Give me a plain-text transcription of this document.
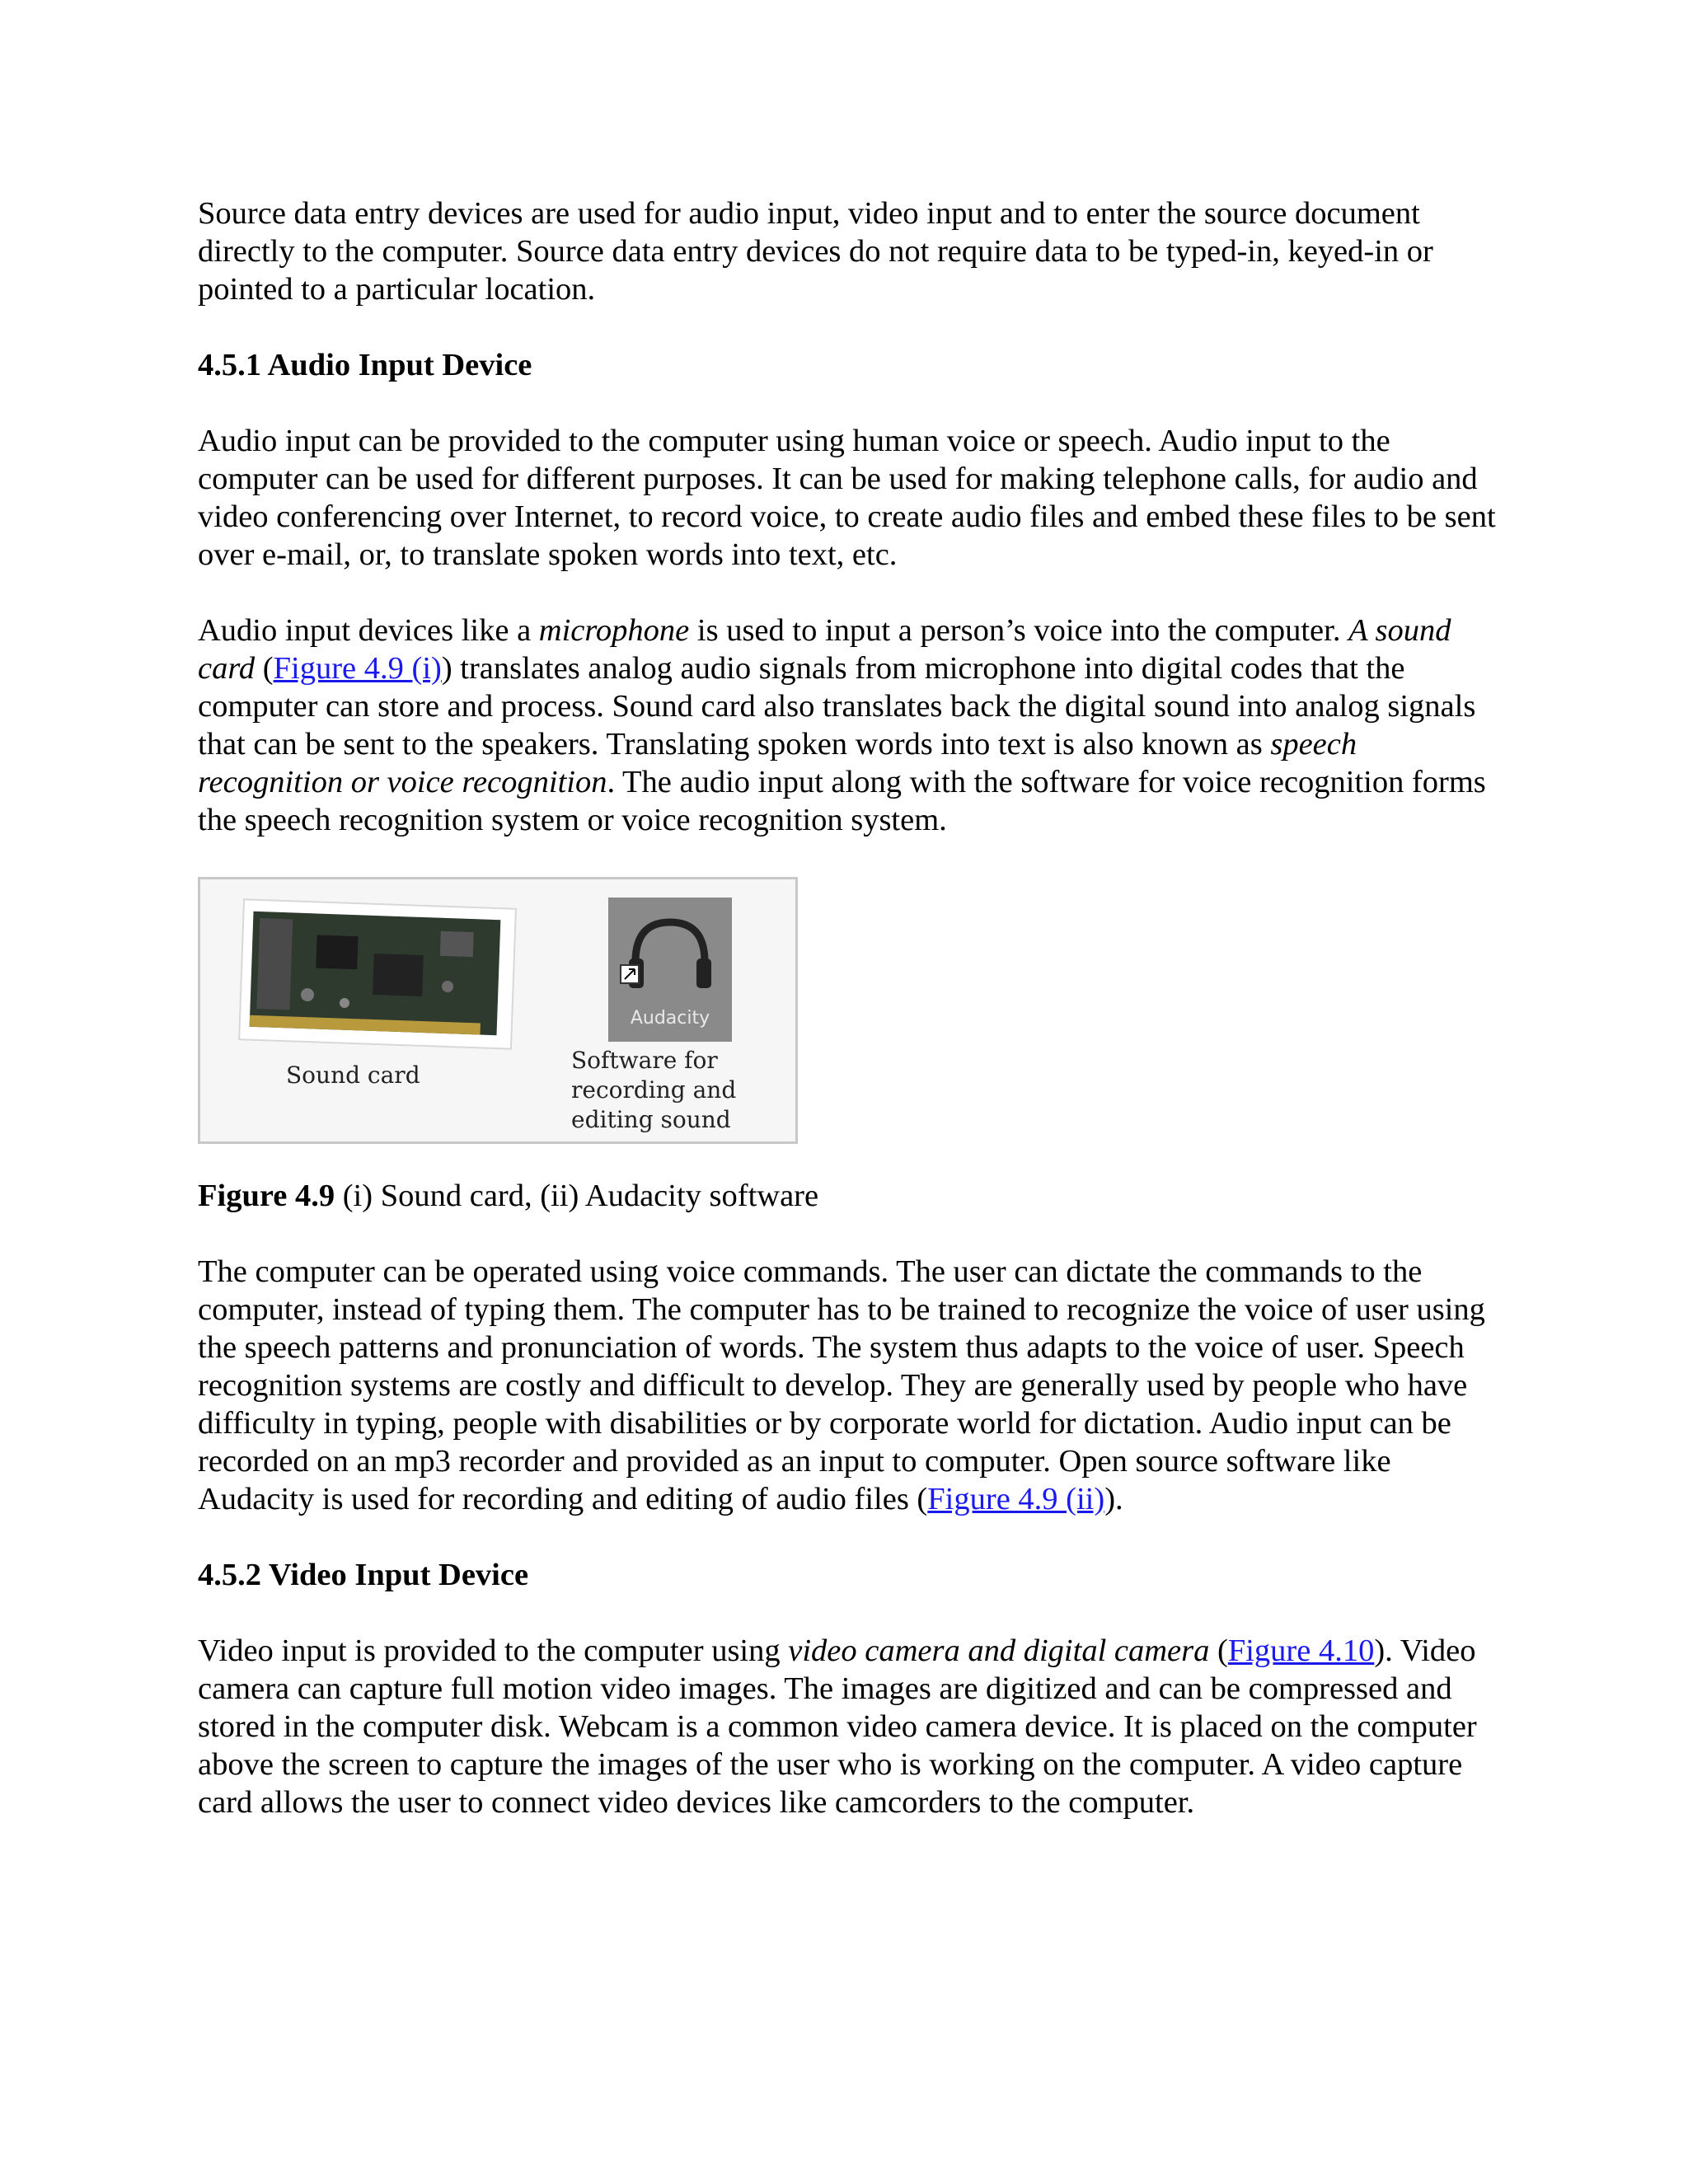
Source data entry devices are used for audio input, video input and to enter the source document directly to the computer. Source data entry devices do not require data to be typed-in, keyed-in or pointed to a particular location.

4.5.1 Audio Input Device

Audio input can be provided to the computer using human voice or speech. Audio input to the computer can be used for different purposes. It can be used for making telephone calls, for audio and video conferencing over Internet, to record voice, to create audio files and embed these files to be sent over e-mail, or, to translate spoken words into text, etc.

Audio input devices like a microphone is used to input a person’s voice into the computer. A sound card (Figure 4.9 (i)) translates analog audio signals from microphone into digital codes that the computer can store and process. Sound card also translates back the digital sound into analog signals that can be sent to the speakers. Translating spoken words into text is also known as speech recognition or voice recognition. The audio input along with the software for voice recognition forms the speech recognition system or voice recognition system.

Audacity
Sound card
Software for recording and editing sound

Figure 4.9 (i) Sound card, (ii) Audacity software

The computer can be operated using voice commands. The user can dictate the commands to the computer, instead of typing them. The computer has to be trained to recognize the voice of user using the speech patterns and pronunciation of words. The system thus adapts to the voice of user. Speech recognition systems are costly and difficult to develop. They are generally used by people who have difficulty in typing, people with disabilities or by corporate world for dictation. Audio input can be recorded on an mp3 recorder and provided as an input to computer. Open source software like Audacity is used for recording and editing of audio files (Figure 4.9 (ii)).

4.5.2 Video Input Device

Video input is provided to the computer using video camera and digital camera (Figure 4.10). Video camera can capture full motion video images. The images are digitized and can be compressed and stored in the computer disk. Webcam is a common video camera device. It is placed on the computer above the screen to capture the images of the user who is working on the computer. A video capture card allows the user to connect video devices like camcorders to the computer.
